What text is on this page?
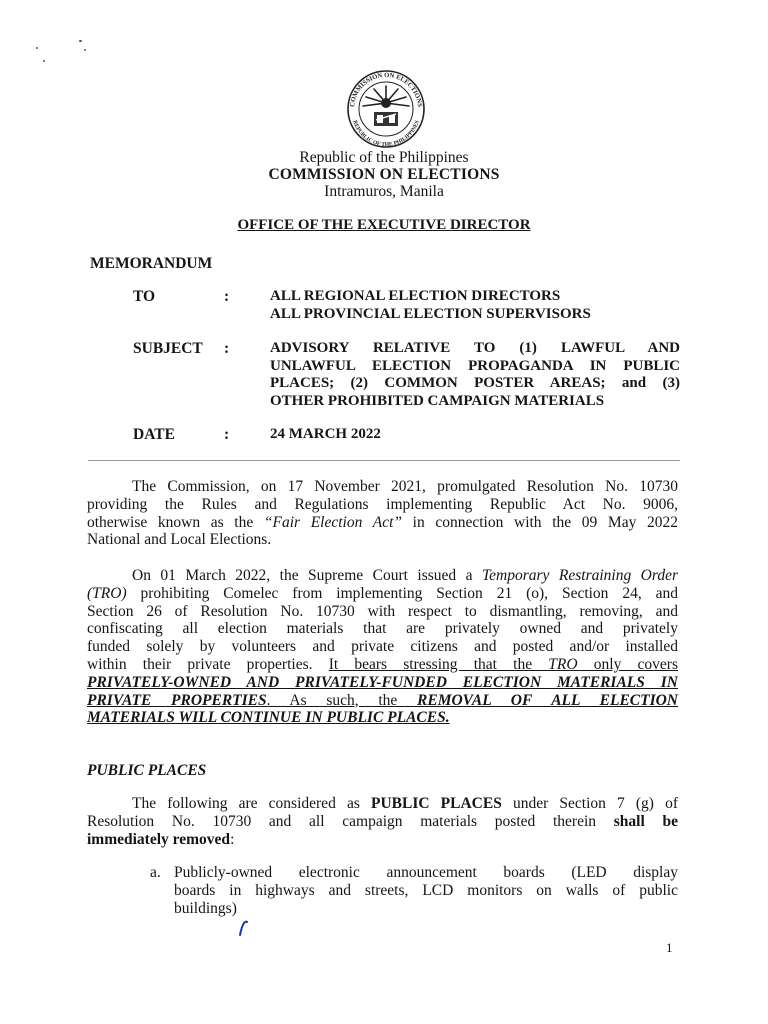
COMMISSION ON ELECTIONS
REPUBLIC OF THE PHILIPPINES
Republic of the Philippines
COMMISSION ON ELECTIONS
Intramuros, Manila
OFFICE OF THE EXECUTIVE DIRECTOR
MEMORANDUM
TO	:	ALL REGIONAL ELECTION DIRECTORS
ALL PROVINCIAL ELECTION SUPERVISORS
SUBJECT :	ADVISORY RELATIVE TO (1) LAWFUL AND
UNLAWFUL ELECTION PROPAGANDA IN PUBLIC
PLACES; (2) COMMON POSTER AREAS; and (3)
OTHER PROHIBITED CAMPAIGN MATERIALS
DATE	:	24 MARCH 2022
The Commission, on 17 November 2021, promulgated Resolution No. 10730
providing the Rules and Regulations implementing Republic Act No. 9006,
otherwise known as the “Fair Election Act” in connection with the 09 May 2022
National and Local Elections.
On 01 March 2022, the Supreme Court issued a Temporary Restraining Order
(TRO) prohibiting Comelec from implementing Section 21 (o), Section 24, and
Section 26 of Resolution No. 10730 with respect to dismantling, removing, and
confiscating all election materials that are privately owned and privately
funded solely by volunteers and private citizens and posted and/or installed
within their private properties. It bears stressing that the TRO only covers
PRIVATELY-OWNED AND PRIVATELY-FUNDED ELECTION MATERIALS IN
PRIVATE PROPERTIES. As such, the REMOVAL OF ALL ELECTION
MATERIALS WILL CONTINUE IN PUBLIC PLACES.
PUBLIC PLACES
The following are considered as PUBLIC PLACES under Section 7 (g) of
Resolution No. 10730 and all campaign materials posted therein shall be
immediately removed:
a. Publicly-owned electronic announcement boards (LED display
boards in highways and streets, LCD monitors on walls of public
buildings)
1
